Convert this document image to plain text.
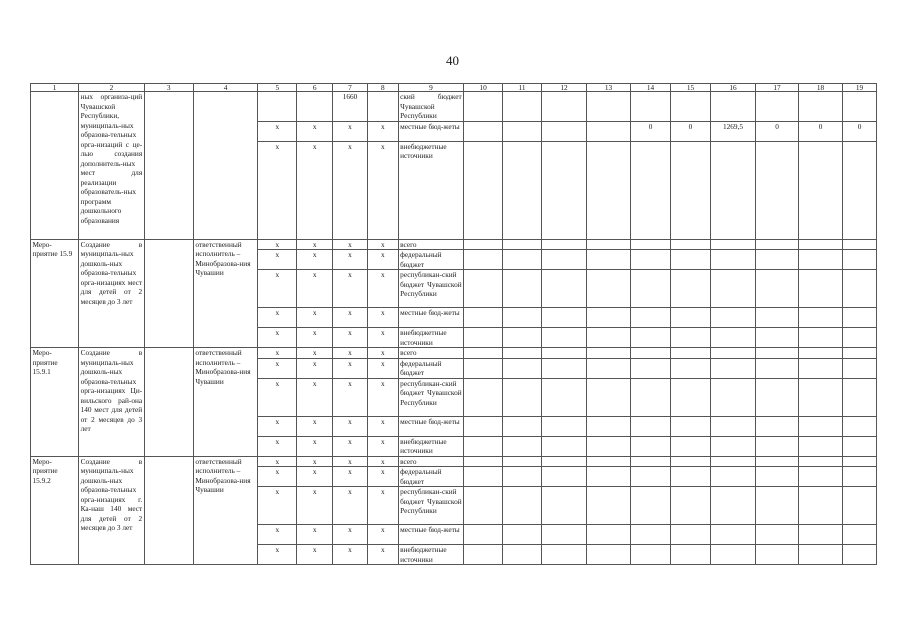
40
1	2	3	4	5	6	7	8	9	10	11	12	13	14	15	16	17	18	19
	ных организа-ций Чувашской Республики, муниципаль-ных образова-тельных орга-низаций с це-лью создания дополнитель-ных мест для реализации образователь-ных программ дошкольного образования					1660		ский бюджет Чувашской Республики										
				x	x	x	x	местные бюд-жеты					0	0	1269,5	0	0	0
				x	x	x	x	внебюджетные источники										
Меро-приятие 15.9	Создание в муниципаль-ных дошколь-ных образова-тельных орга-низациях мест для детей от 2 месяцев до 3 лет		ответственный исполнитель – Минобразова-ния Чувашии	x	x	x	x	всего										
				x	x	x	x	федеральный бюджет										
				x	x	x	x	республикан-ский бюджет Чувашской Республики										
				x	x	x	x	местные бюд-жеты										
				x	x	x	x	внебюджетные источники										
Меро-приятие 15.9.1	Создание в муниципаль-ных дошколь-ных образова-тельных орга-низациях Ци-вильского рай-она 140 мест для детей от 2 месяцев до 3 лет		ответственный исполнитель – Минобразова-ния Чувашии	x	x	x	x	всего										
				x	x	x	x	федеральный бюджет										
				x	x	x	x	республикан-ский бюджет Чувашской Республики										
				x	x	x	x	местные бюд-жеты										
				x	x	x	x	внебюджетные источники										
Меро-приятие 15.9.2	Создание в муниципаль-ных дошколь-ных образова-тельных орга-низациях г. Ка-наш 140 мест для детей от 2 месяцев до 3 лет		ответственный исполнитель – Минобразова-ния Чувашии	x	x	x	x	всего										
				x	x	x	x	федеральный бюджет										
				x	x	x	x	республикан-ский бюджет Чувашской Республики										
				x	x	x	x	местные бюд-жеты										
				x	x	x	x	внебюджетные источники										
